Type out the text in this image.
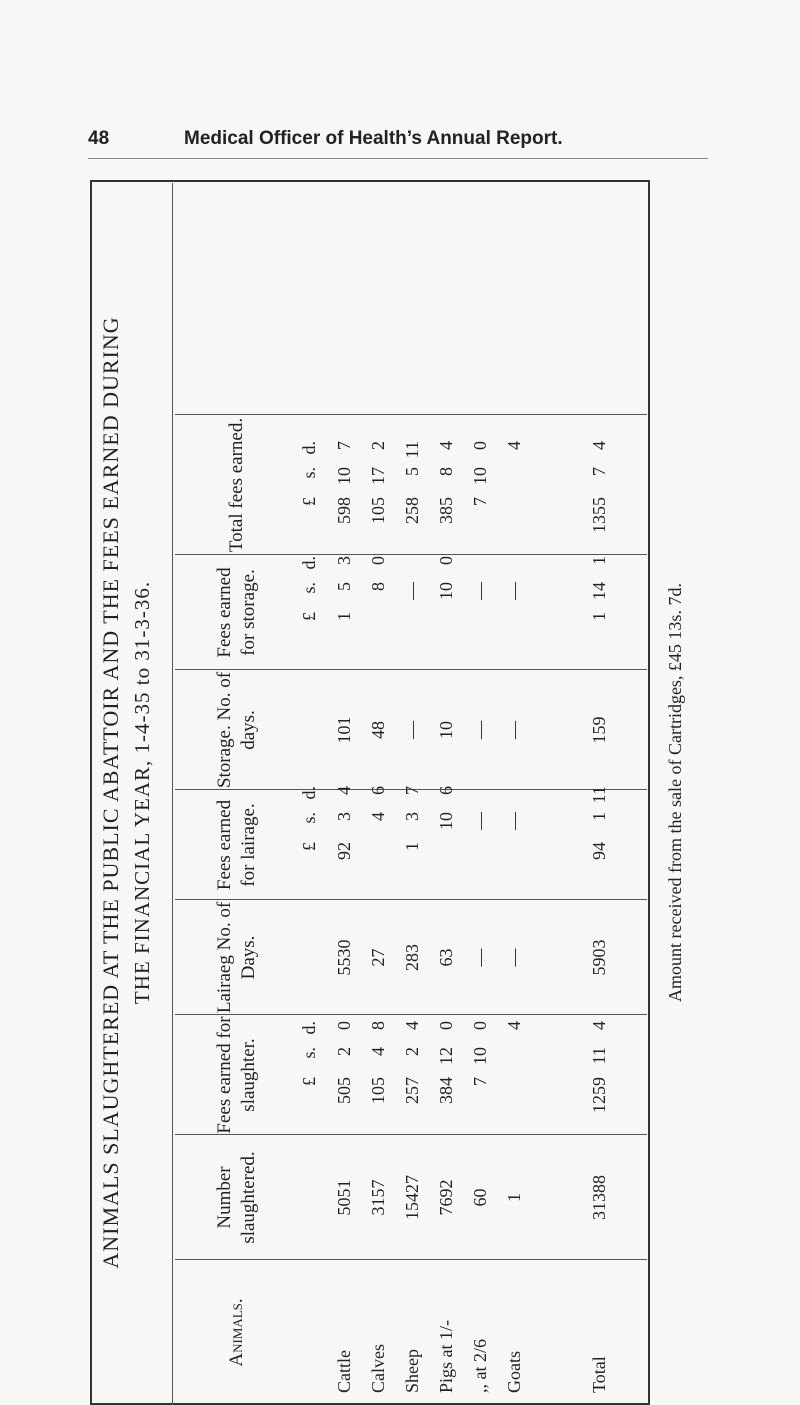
48	Medical Officer of Health’s Annual Report.
ANIMALS SLAUGHTERED AT THE PUBLIC ABATTOIR AND THE FEES EARNED DURING THE FINANCIAL YEAR, 1-4-35 to 31-3-36.
Animals.
Number slaughtered.
Fees earned for slaughter.
Lairaeg No. of Days.
Fees earned for lairage.
Storage. No. of days.
Fees earned for storage.
Total fees earned.
£s.d.
£s.d.
£s.d.
£s.d.
Cattle
5051
50520
5530
9234
101
153
598107
Calves
3157
10548
27
46
48
80
105172
Sheep
15427
25724
283
137
—
—
258511
Pigs at 1/-
7692
384120
63
106
10
100
38584
,, at 2/6
60
7100
—
—
—
—
7100
Goats
1
4
—
—
—
—
4
Total
31388
1259114
5903
94111
159
1141
135574
Amount received from the sale of Cartridges, £45 13s. 7d.
